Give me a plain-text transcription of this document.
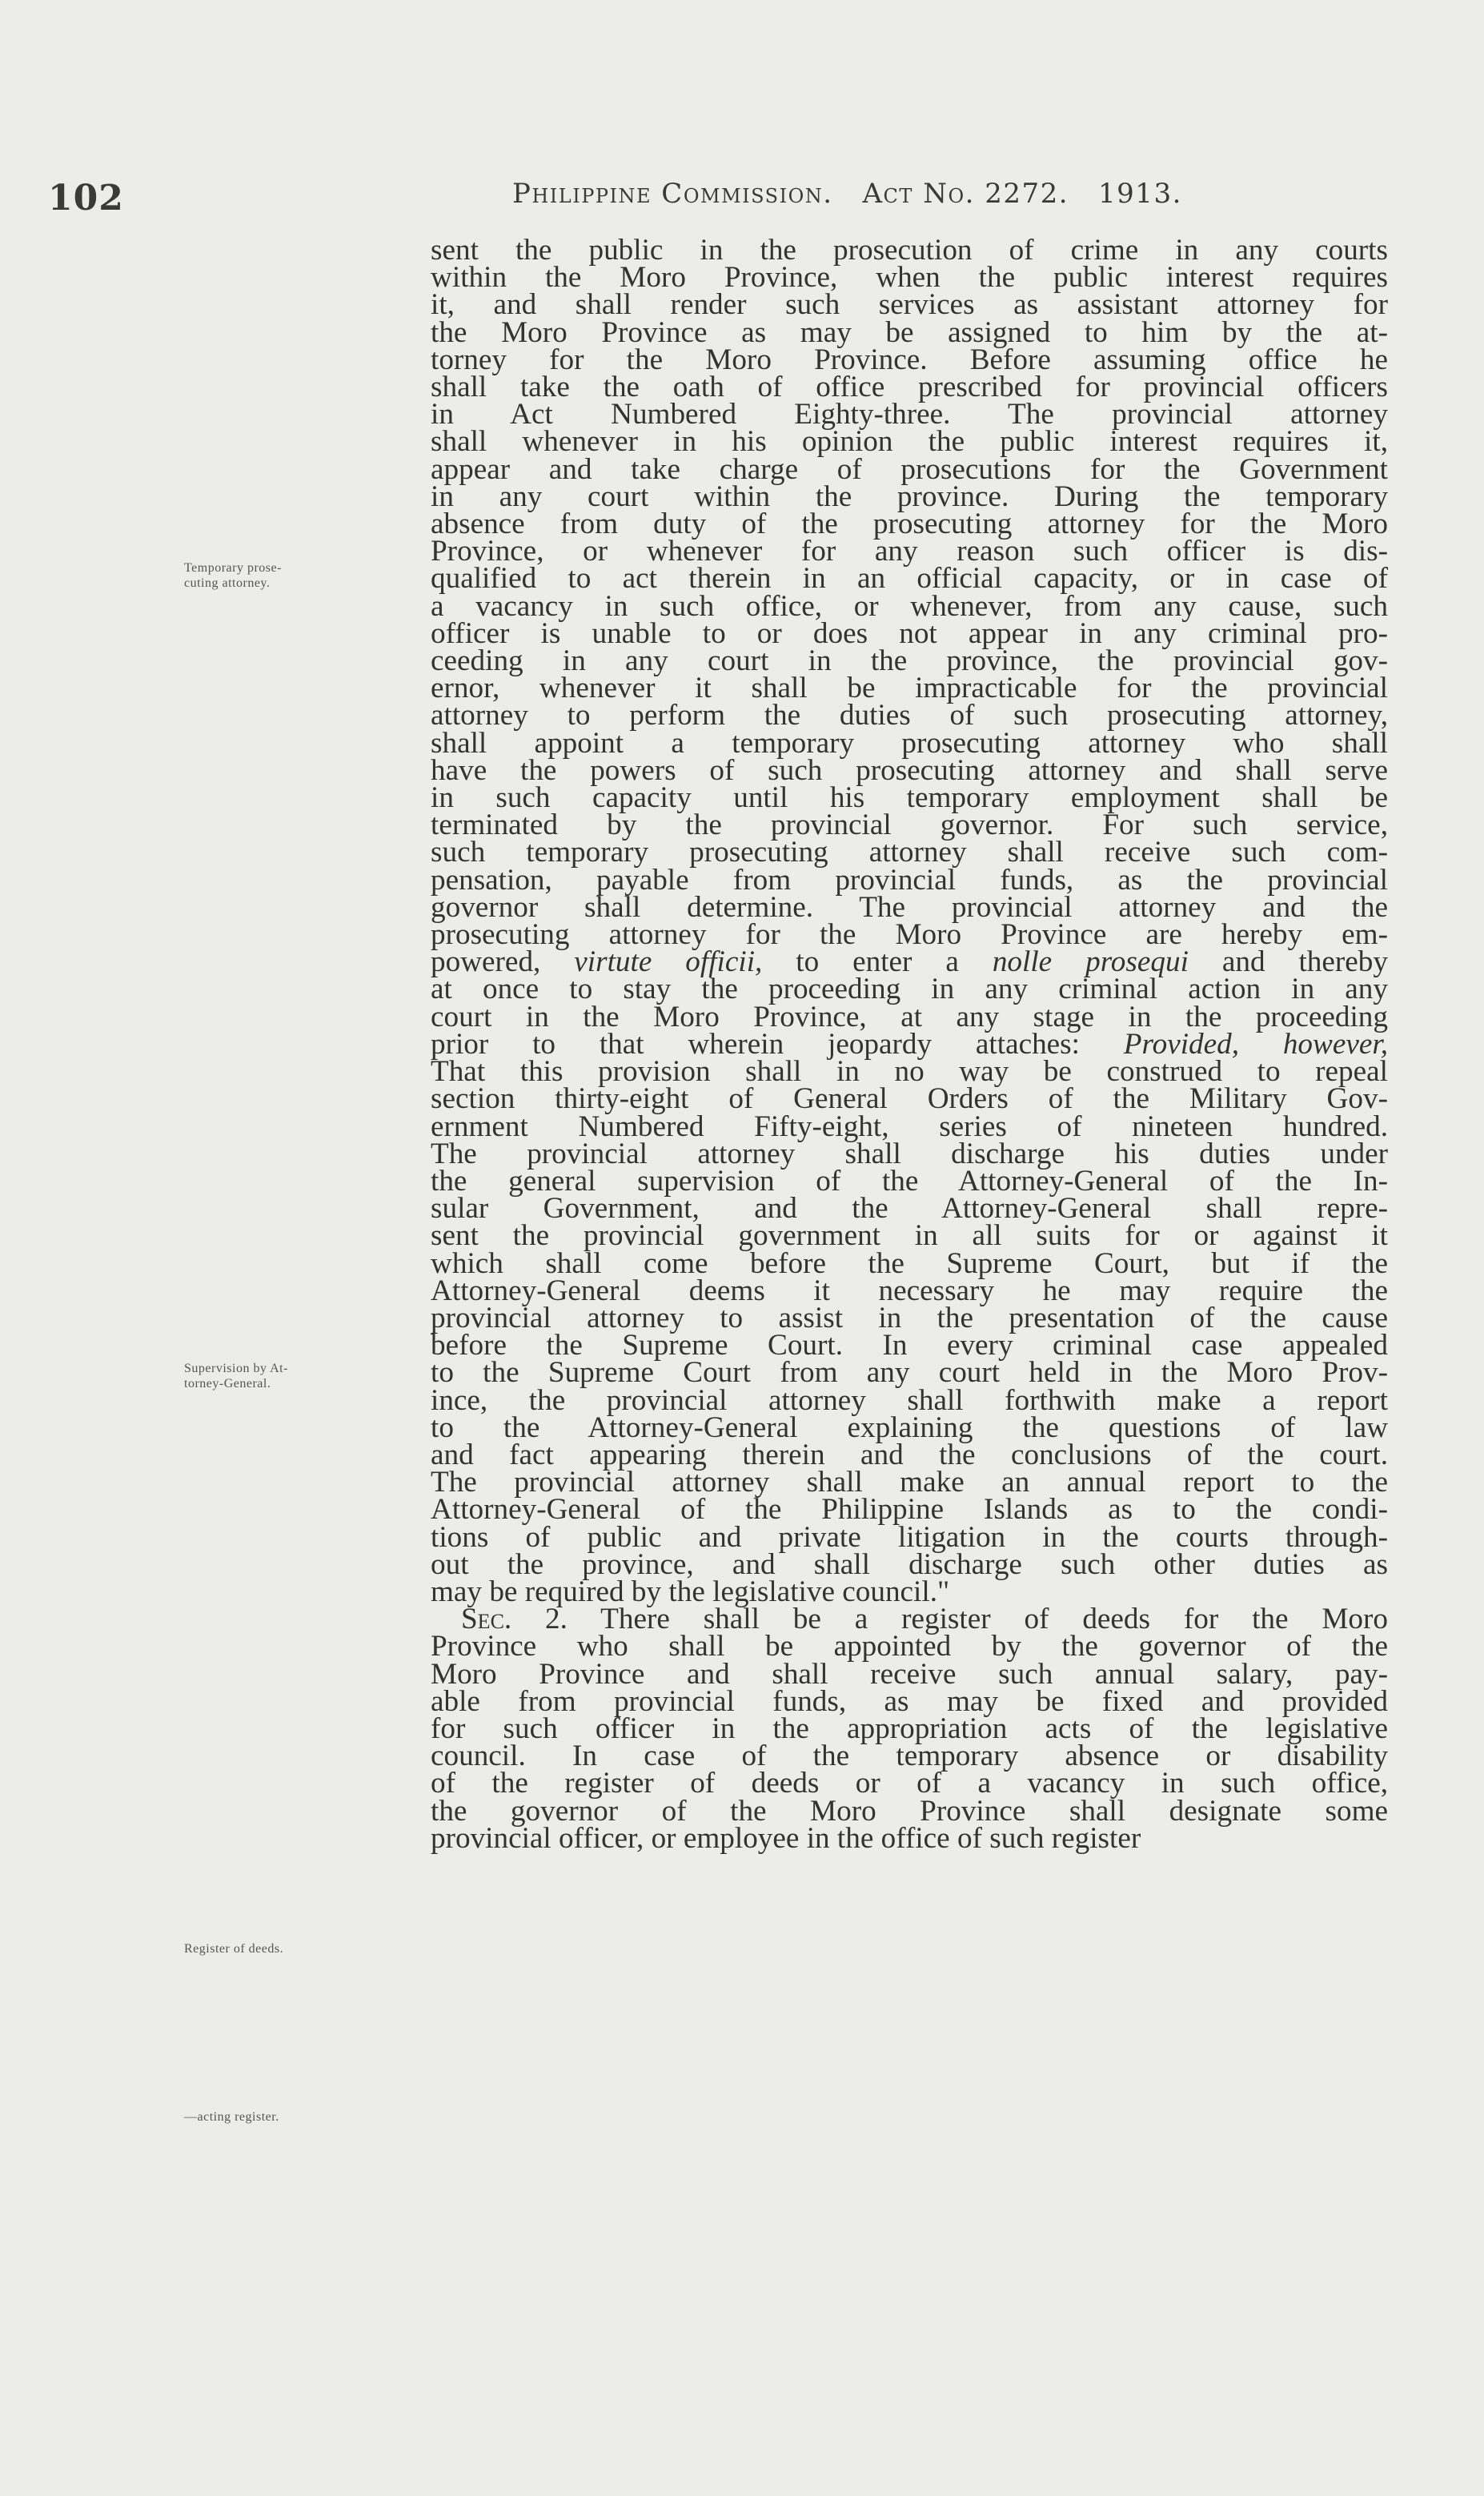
102	Philippine Commission. Act No. 2272. 1913.
Temporary prose-
cuting attorney.
Supervision by At-
torney-General.
Register of deeds.
—acting register.
sent the public in the prosecution of crime in any courts
within the Moro Province, when the public interest requires
it, and shall render such services as assistant attorney for
the Moro Province as may be assigned to him by the at-
torney for the Moro Province. Before assuming office he
shall take the oath of office prescribed for provincial officers
in Act Numbered Eighty-three. The provincial attorney
shall whenever in his opinion the public interest requires it,
appear and take charge of prosecutions for the Government
in any court within the province. During the temporary
absence from duty of the prosecuting attorney for the Moro
Province, or whenever for any reason such officer is dis-
qualified to act therein in an official capacity, or in case of
a vacancy in such office, or whenever, from any cause, such
officer is unable to or does not appear in any criminal pro-
ceeding in any court in the province, the provincial gov-
ernor, whenever it shall be impracticable for the provincial
attorney to perform the duties of such prosecuting attorney,
shall appoint a temporary prosecuting attorney who shall
have the powers of such prosecuting attorney and shall serve
in such capacity until his temporary employment shall be
terminated by the provincial governor. For such service,
such temporary prosecuting attorney shall receive such com-
pensation, payable from provincial funds, as the provincial
governor shall determine. The provincial attorney and the
prosecuting attorney for the Moro Province are hereby em-
powered, virtute officii, to enter a nolle prosequi and thereby
at once to stay the proceeding in any criminal action in any
court in the Moro Province, at any stage in the proceeding
prior to that wherein jeopardy attaches: Provided, however,
That this provision shall in no way be construed to repeal
section thirty-eight of General Orders of the Military Gov-
ernment Numbered Fifty-eight, series of nineteen hundred.
The provincial attorney shall discharge his duties under
the general supervision of the Attorney-General of the In-
sular Government, and the Attorney-General shall repre-
sent the provincial government in all suits for or against it
which shall come before the Supreme Court, but if the
Attorney-General deems it necessary he may require the
provincial attorney to assist in the presentation of the cause
before the Supreme Court. In every criminal case appealed
to the Supreme Court from any court held in the Moro Prov-
ince, the provincial attorney shall forthwith make a report
to the Attorney-General explaining the questions of law
and fact appearing therein and the conclusions of the court.
The provincial attorney shall make an annual report to the
Attorney-General of the Philippine Islands as to the condi-
tions of public and private litigation in the courts through-
out the province, and shall discharge such other duties as
may be required by the legislative council."
Sec. 2. There shall be a register of deeds for the Moro
Province who shall be appointed by the governor of the
Moro Province and shall receive such annual salary, pay-
able from provincial funds, as may be fixed and provided
for such officer in the appropriation acts of the legislative
council. In case of the temporary absence or disability
of the register of deeds or of a vacancy in such office,
the governor of the Moro Province shall designate some
provincial officer, or employee in the office of such register
